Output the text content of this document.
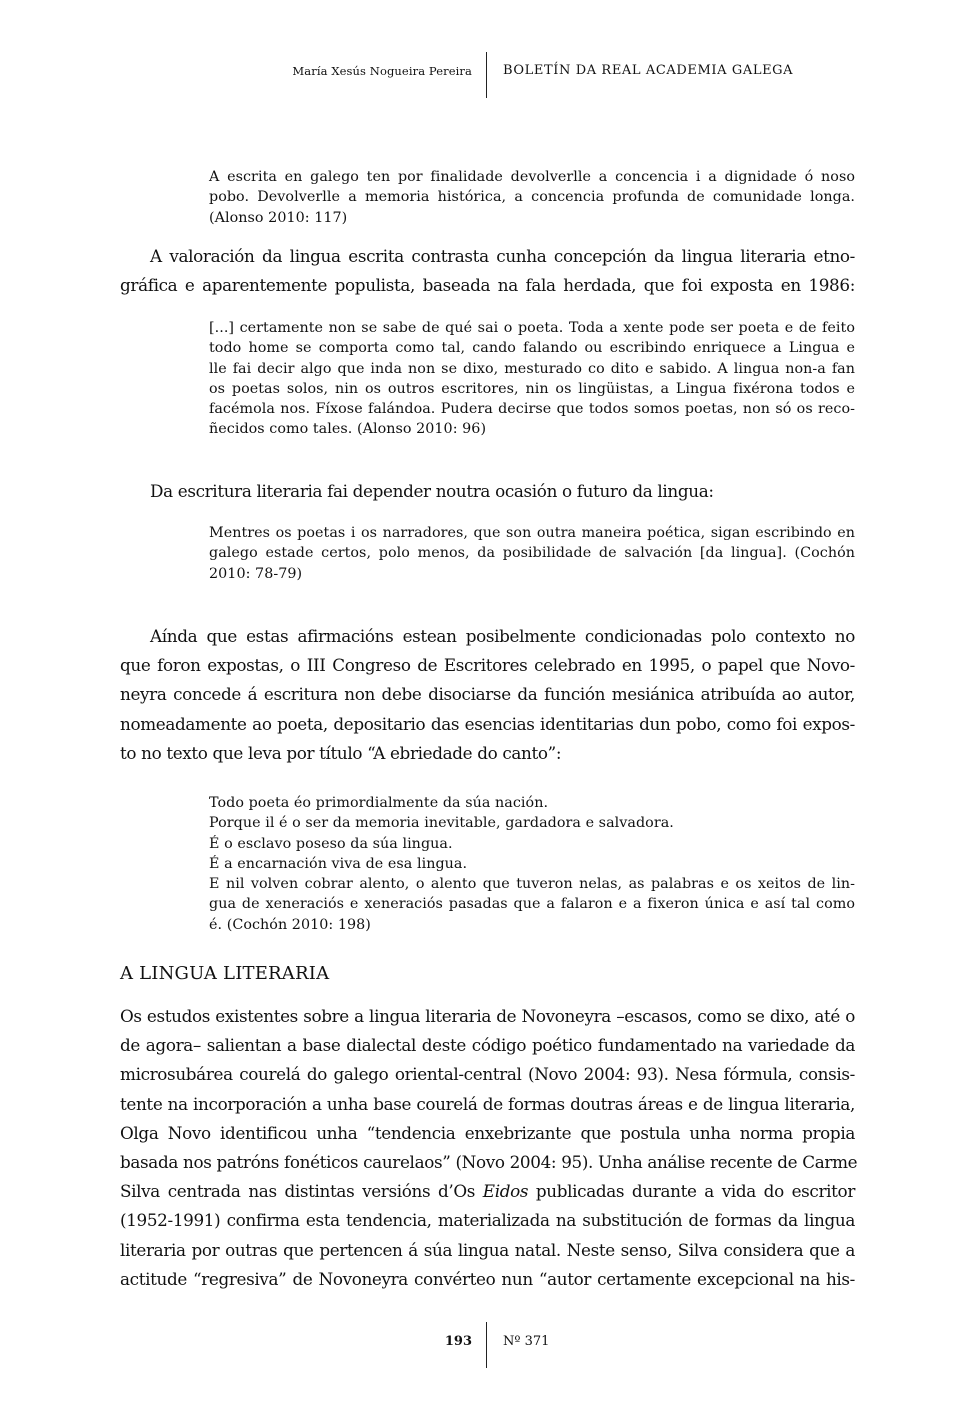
María Xesús Nogueira Pereira BOLETÍN DA REAL ACADEMIA GALEGA
A escrita en galego ten por finalidade devolverlle a concencia i a dignidade ó noso
pobo. Devolverlle a memoria histórica, a concencia profunda de comunidade longa.
(Alonso 2010: 117)
A valoración da lingua escrita contrasta cunha concepción da lingua literaria etno-
gráfica e aparentemente populista, baseada na fala herdada, que foi exposta en 1986:
[...] certamente non se sabe de qué sai o poeta. Toda a xente pode ser poeta e de feito
todo home se comporta como tal, cando falando ou escribindo enriquece a Lingua e
lle fai decir algo que inda non se dixo, mesturado co dito e sabido. A lingua non-a fan
os poetas solos, nin os outros escritores, nin os lingüistas, a Lingua fixérona todos e
facémola nos. Fíxose falándoa. Pudera decirse que todos somos poetas, non só os reco-
ñecidos como tales. (Alonso 2010: 96)
Da escritura literaria fai depender noutra ocasión o futuro da lingua:
Mentres os poetas i os narradores, que son outra maneira poética, sigan escribindo en
galego estade certos, polo menos, da posibilidade de salvación [da lingua]. (Cochón
2010: 78-79)
Aínda que estas afirmacións estean posibelmente condicionadas polo contexto no
que foron expostas, o III Congreso de Escritores celebrado en 1995, o papel que Novo-
neyra concede á escritura non debe disociarse da función mesiánica atribuída ao autor,
nomeadamente ao poeta, depositario das esencias identitarias dun pobo, como foi expos-
to no texto que leva por título “A ebriedade do canto”:
Todo poeta éo primordialmente da súa nación.
Porque il é o ser da memoria inevitable, gardadora e salvadora.
É o esclavo poseso da súa lingua.
É a encarnación viva de esa lingua.
E nil volven cobrar alento, o alento que tuveron nelas, as palabras e os xeitos de lin-
gua de xeneraciós e xeneraciós pasadas que a falaron e a fixeron única e así tal como
é. (Cochón 2010: 198)
A LINGUA LITERARIA
Os estudos existentes sobre a lingua literaria de Novoneyra –escasos, como se dixo, até o
de agora– salientan a base dialectal deste código poético fundamentado na variedade da
microsubárea courelá do galego oriental-central (Novo 2004: 93). Nesa fórmula, consis-
tente na incorporación a unha base courelá de formas doutras áreas e de lingua literaria,
Olga Novo identificou unha “tendencia enxebrizante que postula unha norma propia
basada nos patróns fonéticos caurelaos” (Novo 2004: 95). Unha análise recente de Carme
Silva centrada nas distintas versións d’Os Eidos publicadas durante a vida do escritor
(1952-1991) confirma esta tendencia, materializada na substitución de formas da lingua
literaria por outras que pertencen á súa lingua natal. Neste senso, Silva considera que a
actitude “regresiva” de Novoneyra convérteo nun “autor certamente excepcional na his-
193 Nº 371
